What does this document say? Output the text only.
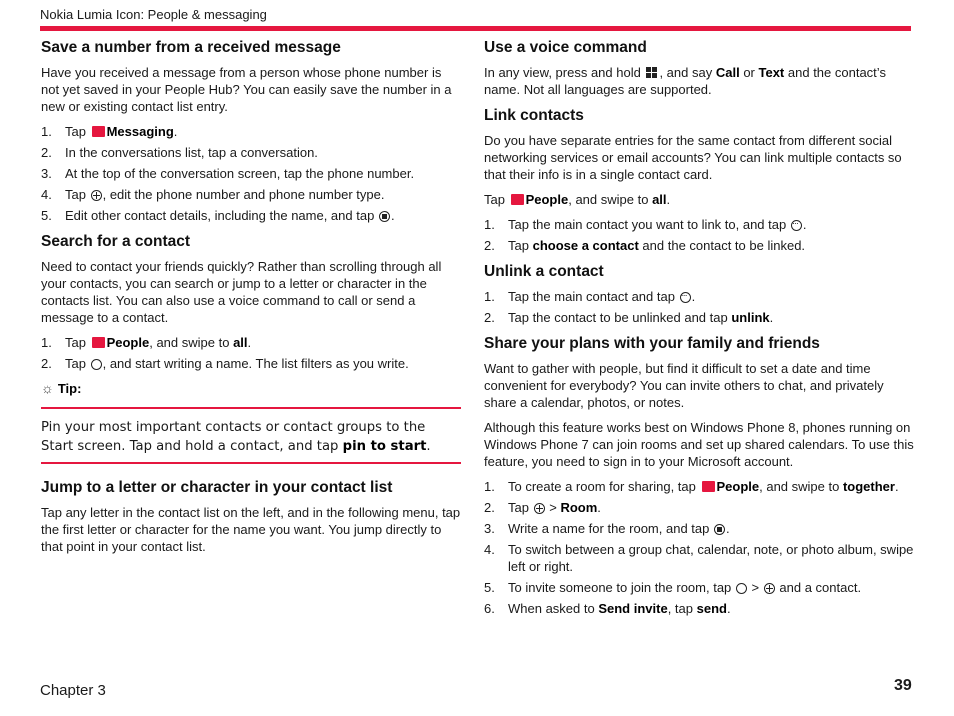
Nokia Lumia Icon: People & messaging
Save a number from a received message

Have you received a message from a person whose phone number is not yet saved in your People Hub? You can easily save the number in a new or existing contact list entry.

1. Tap Messaging.
2. In the conversations list, tap a conversation.
3. At the top of the conversation screen, tap the phone number.
4. Tap , edit the phone number and phone number type.
5. Edit other contact details, including the name, and tap .
Search for a contact

Need to contact your friends quickly? Rather than scrolling through all your contacts, you can search or jump to a letter or character in the contacts list. You can also use a voice command to call or send a message to a contact.

1. Tap People, and swipe to all.
2. Tap , and start writing a name. The list filters as you write.
☼ Tip:
Pin your most important contacts or contact groups to the Start screen. Tap and hold a contact, and tap pin to start.
Jump to a letter or character in your contact list

Tap any letter in the contact list on the left, and in the following menu, tap the first letter or character for the name you want. You jump directly to that point in your contact list.

Use a voice command

In any view, press and hold , and say Call or Text and the contact’s name. Not all languages are supported.

Link contacts

Do you have separate entries for the same contact from different social networking services or email accounts? You can link multiple contacts so that their info is in a single contact card.

Tap People, and swipe to all.

1. Tap the main contact you want to link to, and tap ··· .
2. Tap choose a contact and the contact to be linked.
Unlink a contact
1. Tap the main contact and tap ··· .
2. Tap the contact to be unlinked and tap unlink.
Share your plans with your family and friends

Want to gather with people, but find it difficult to set a date and time convenient for everybody? You can invite others to chat, and privately share a calendar, photos, or notes.

Although this feature works best on Windows Phone 8, phones running on Windows Phone 7 can join rooms and set up shared calendars. To use this feature, you need to sign in to your Microsoft account.

1. To create a room for sharing, tap People, and swipe to together.
2. Tap > Room.
3. Write a name for the room, and tap .
4. To switch between a group chat, calendar, note, or photo album, swipe left or right.
5. To invite someone to join the room, tap > and a contact.
6. When asked to Send invite, tap send.
Chapter 3	39
